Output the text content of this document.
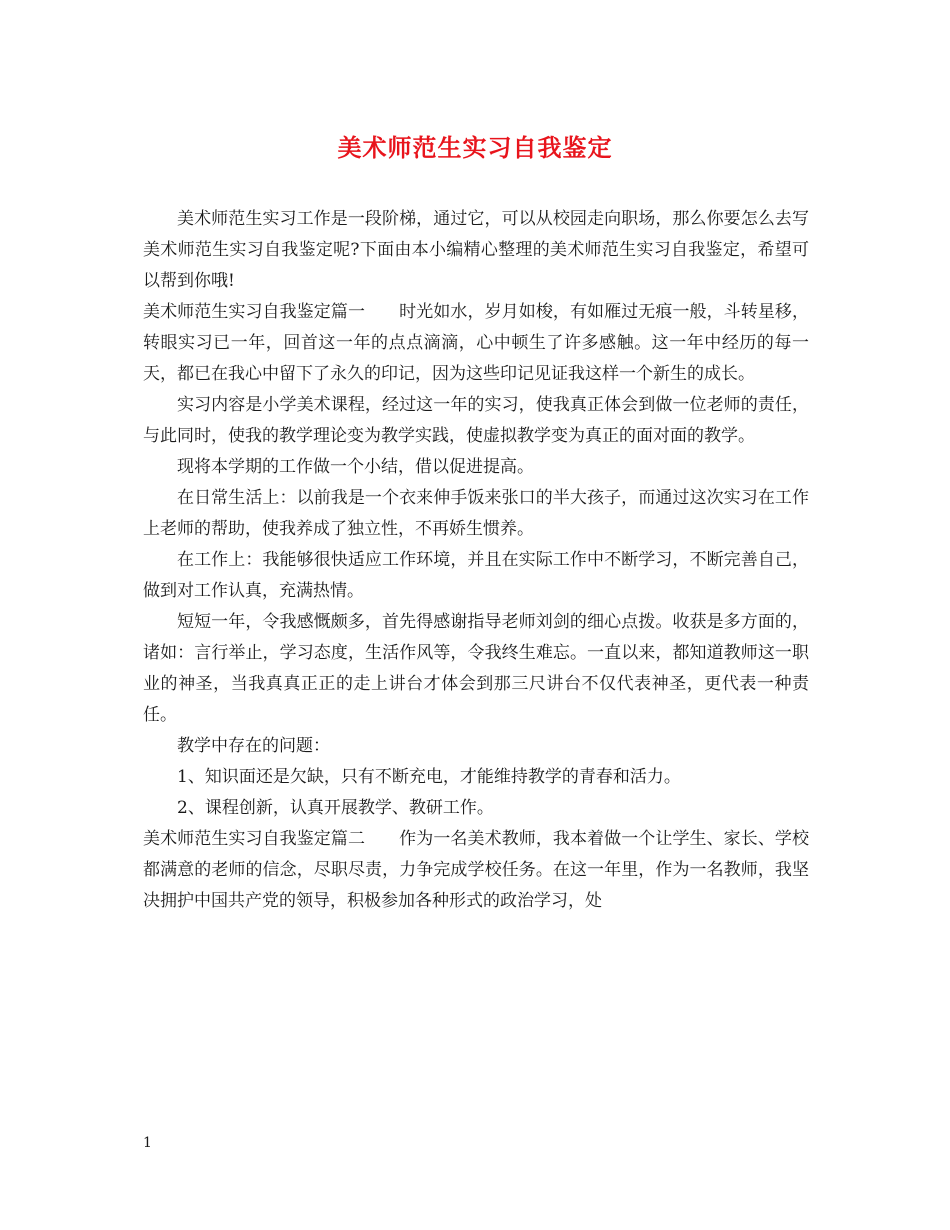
美术师范生实习自我鉴定

美术师范生实习工作是一段阶梯，通过它，可以从校园走向职场，那么你要怎么去写美术师范生实习自我鉴定呢?下面由本小编精心整理的美术师范生实习自我鉴定，希望可以帮到你哦!

美术师范生实习自我鉴定篇一　　时光如水，岁月如梭，有如雁过无痕一般，斗转星移，转眼实习已一年，回首这一年的点点滴滴，心中顿生了许多感触。这一年中经历的每一天，都已在我心中留下了永久的印记，因为这些印记见证我这样一个新生的成长。

实习内容是小学美术课程，经过这一年的实习，使我真正体会到做一位老师的责任，与此同时，使我的教学理论变为教学实践，使虚拟教学变为真正的面对面的教学。

现将本学期的工作做一个小结，借以促进提高。

在日常生活上：以前我是一个衣来伸手饭来张口的半大孩子，而通过这次实习在工作上老师的帮助，使我养成了独立性，不再娇生惯养。

在工作上：我能够很快适应工作环境，并且在实际工作中不断学习，不断完善自己，做到对工作认真，充满热情。

短短一年，令我感慨颇多，首先得感谢指导老师刘剑的细心点拨。收获是多方面的，诸如：言行举止，学习态度，生活作风等，令我终生难忘。一直以来，都知道教师这一职业的神圣，当我真真正正的走上讲台才体会到那三尺讲台不仅代表神圣，更代表一种责任。

教学中存在的问题：

1、知识面还是欠缺，只有不断充电，才能维持教学的青春和活力。

2、课程创新，认真开展教学、教研工作。

美术师范生实习自我鉴定篇二　　作为一名美术教师，我本着做一个让学生、家长、学校都满意的老师的信念，尽职尽责，力争完成学校任务。在这一年里，作为一名教师，我坚决拥护中国共产党的领导，积极参加各种形式的政治学习，处

1
